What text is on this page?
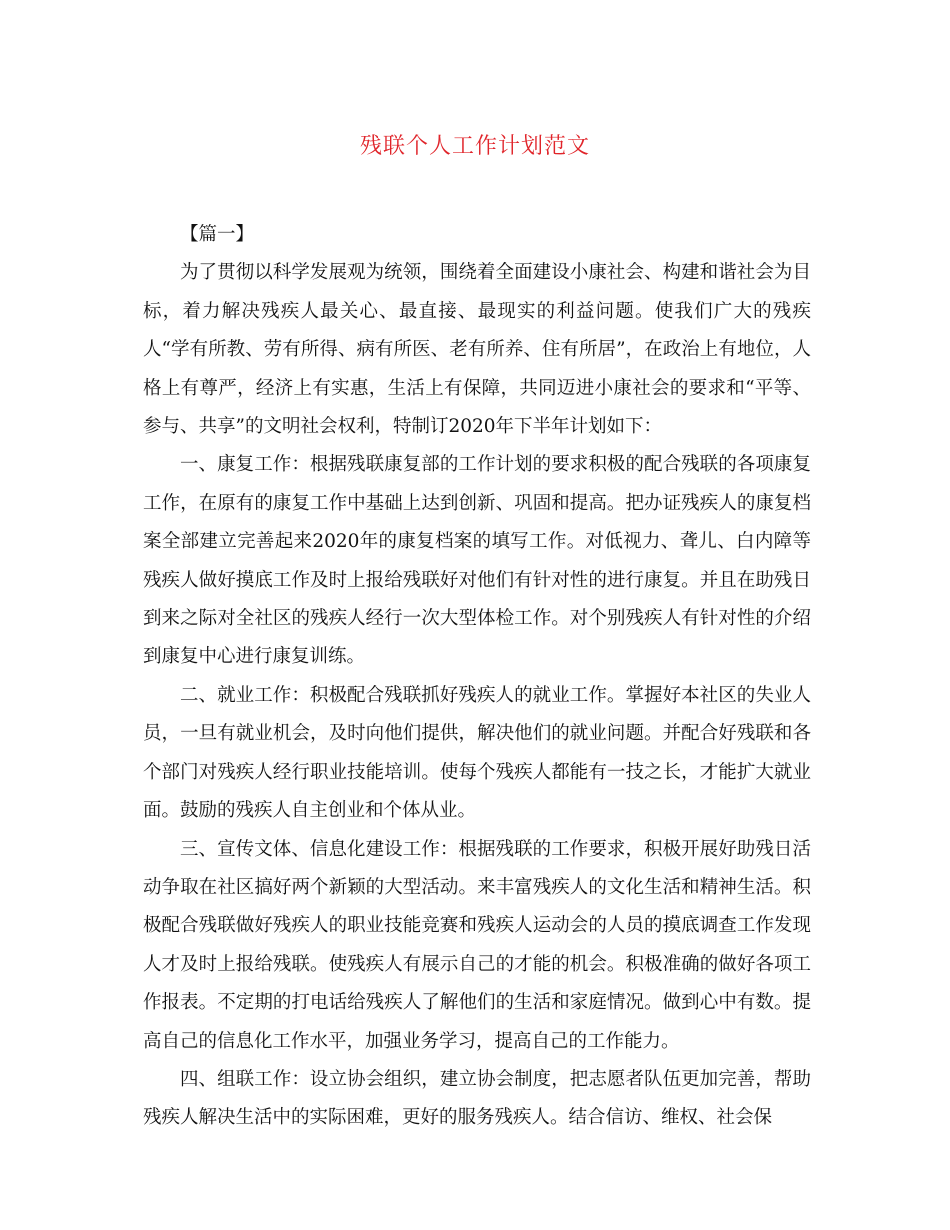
残联个人工作计划范文

【篇一】

为了贯彻以科学发展观为统领，围绕着全面建设小康社会、构建和谐社会为目标，着力解决残疾人最关心、最直接、最现实的利益问题。使我们广大的残疾人“学有所教、劳有所得、病有所医、老有所养、住有所居”，在政治上有地位，人格上有尊严，经济上有实惠，生活上有保障，共同迈进小康社会的要求和“平等、参与、共享”的文明社会权利，特制订2020年下半年计划如下：

一、康复工作：根据残联康复部的工作计划的要求积极的配合残联的各项康复工作，在原有的康复工作中基础上达到创新、巩固和提高。把办证残疾人的康复档案全部建立完善起来2020年的康复档案的填写工作。对低视力、聋儿、白内障等残疾人做好摸底工作及时上报给残联好对他们有针对性的进行康复。并且在助残日到来之际对全社区的残疾人经行一次大型体检工作。对个别残疾人有针对性的介绍到康复中心进行康复训练。

二、就业工作：积极配合残联抓好残疾人的就业工作。掌握好本社区的失业人员，一旦有就业机会，及时向他们提供，解决他们的就业问题。并配合好残联和各个部门对残疾人经行职业技能培训。使每个残疾人都能有一技之长，才能扩大就业面。鼓励的残疾人自主创业和个体从业。

三、宣传文体、信息化建设工作：根据残联的工作要求，积极开展好助残日活动争取在社区搞好两个新颖的大型活动。来丰富残疾人的文化生活和精神生活。积极配合残联做好残疾人的职业技能竞赛和残疾人运动会的人员的摸底调查工作发现人才及时上报给残联。使残疾人有展示自己的才能的机会。积极准确的做好各项工作报表。不定期的打电话给残疾人了解他们的生活和家庭情况。做到心中有数。提高自己的信息化工作水平，加强业务学习，提高自己的工作能力。

四、组联工作：设立协会组织，建立协会制度，把志愿者队伍更加完善，帮助残疾人解决生活中的实际困难，更好的服务残疾人。结合信访、维权、社会保
